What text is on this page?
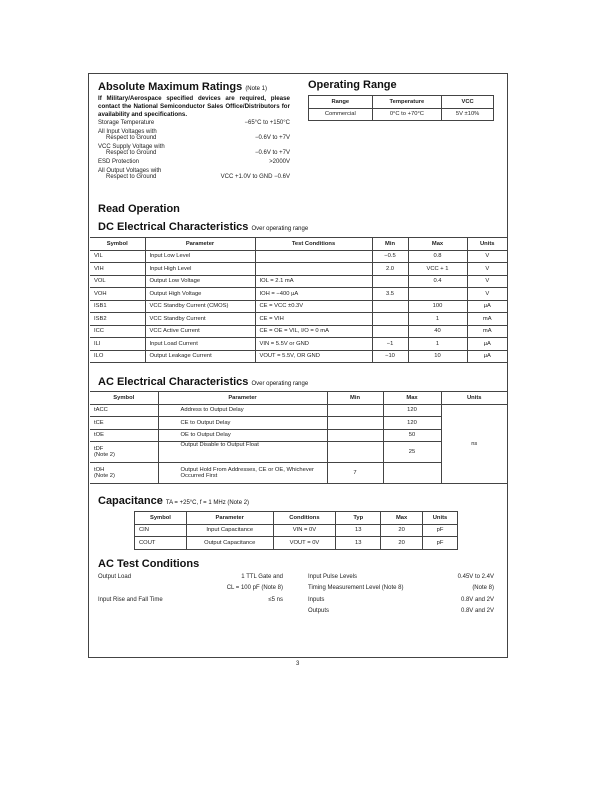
Absolute Maximum Ratings (Note 1)
If Military/Aerospace specified devices are required, please contact the National Semiconductor Sales Office/Distributors for availability and specifications.
Storage Temperature	−65°C to +150°C
All Input Voltages with
Respect to Ground	−0.6V to +7V
VCC Supply Voltage with
Respect to Ground	−0.6V to +7V
ESD Protection	>2000V
All Output Voltages with
Respect to Ground	VCC +1.0V to GND −0.6V
Operating Range
Range	Temperature	VCC
Commercial	0°C to +70°C	5V ±10%
Read Operation
DC Electrical Characteristics Over operating range
Symbol	Parameter	Test Conditions	Min	Max	Units
VIL	Input Low Level		−0.5	0.8	V
VIH	Input High Level		2.0	VCC + 1	V
VOL	Output Low Voltage	IOL = 2.1 mA		0.4	V
VOH	Output High Voltage	IOH = −400 µA	3.5		V
ISB1	VCC Standby Current (CMOS)	CE = VCC ±0.3V		100	µA
ISB2	VCC Standby Current	CE = VIH		1	mA
ICC	VCC Active Current	CE = OE = VIL, I/O = 0 mA		40	mA
ILI	Input Load Current	VIN = 5.5V or GND	−1	1	µA
ILO	Output Leakage Current	VOUT = 5.5V, OR GND	−10	10	µA
AC Electrical Characteristics Over operating range
Symbol	Parameter	Min	Max	Units

tACC	Address to Output Delay		120	ns

tCE	CE to Output Delay		120	

tOE	OE to Output Delay		50	

tDF
(Note 2)	Output Disable to Output Float		25	

tOH
(Note 2)	Output Hold From Addresses, CE or OE, Whichever Occurred First	7		
Capacitance TA = +25°C, f = 1 MHz (Note 2)
Symbol	Parameter	Conditions	Typ	Max	Units
CIN	Input Capacitance	VIN = 0V	13	20	pF
COUT	Output Capacitance	VOUT = 0V	13	20	pF
AC Test Conditions
Output Load	1 TTL Gate and
CL = 100 pF (Note 8)
Input Rise and Fall Time	≤5 ns
Input Pulse Levels	0.45V to 2.4V
Timing Measurement Level (Note 8)	(Note 8)
Inputs	0.8V and 2V
Outputs	0.8V and 2V
3
